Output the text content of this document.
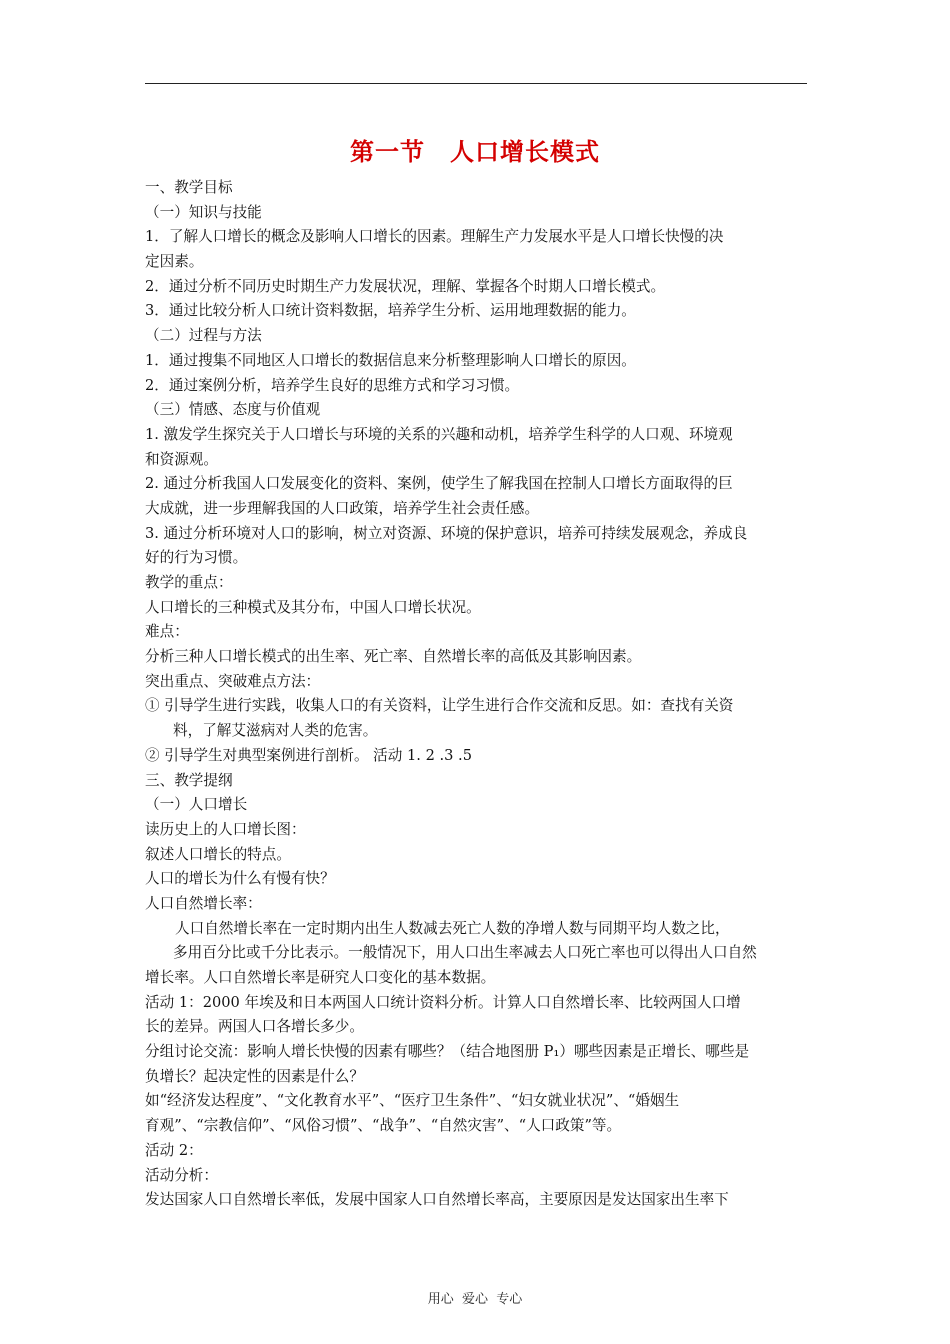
第一节　人口增长模式
一、教学目标
（一）知识与技能
1．了解人口增长的概念及影响人口增长的因素。理解生产力发展水平是人口增长快慢的决
定因素。
2．通过分析不同历史时期生产力发展状况，理解、掌握各个时期人口增长模式。
3．通过比较分析人口统计资料数据，培养学生分析、运用地理数据的能力。
（二）过程与方法
1．通过搜集不同地区人口增长的数据信息来分析整理影响人口增长的原因。
2．通过案例分析，培养学生良好的思维方式和学习习惯。
（三）情感、态度与价值观
1. 激发学生探究关于人口增长与环境的关系的兴趣和动机，培养学生科学的人口观、环境观
和资源观。
2. 通过分析我国人口发展变化的资料、案例，使学生了解我国在控制人口增长方面取得的巨
大成就，进一步理解我国的人口政策，培养学生社会责任感。
3. 通过分析环境对人口的影响，树立对资源、环境的保护意识，培养可持续发展观念，养成良
好的行为习惯。
教学的重点：
人口增长的三种模式及其分布，中国人口增长状况。
难点：
分析三种人口增长模式的出生率、死亡率、自然增长率的高低及其影响因素。
突出重点、突破难点方法：
① 引导学生进行实践，收集人口的有关资料，让学生进行合作交流和反思。如：查找有关资
料，了解艾滋病对人类的危害。
② 引导学生对典型案例进行剖析。 活动 1. 2 .3 .5
三、教学提纲
（一）人口增长
读历史上的人口增长图：
叙述人口增长的特点。
人口的增长为什么有慢有快？
人口自然增长率：
人口自然增长率在一定时期内出生人数减去死亡人数的净增人数与同期平均人数之比，
多用百分比或千分比表示。一般情况下，用人口出生率减去人口死亡率也可以得出人口自然
增长率。人口自然增长率是研究人口变化的基本数据。
活动 1：2000 年埃及和日本两国人口统计资料分析。计算人口自然增长率、比较两国人口增
长的差异。两国人口各增长多少。
分组讨论交流：影响人增长快慢的因素有哪些？（结合地图册 P₁）哪些因素是正增长、哪些是
负增长？起决定性的因素是什么？
如“经济发达程度”、“文化教育水平”、“医疗卫生条件”、“妇女就业状况”、“婚姻生
育观”、“宗教信仰”、“风俗习惯”、“战争”、“自然灾害”、“人口政策”等。
活动 2：
活动分析：
发达国家人口自然增长率低，发展中国家人口自然增长率高，主要原因是发达国家出生率下
用心  爱心  专心
